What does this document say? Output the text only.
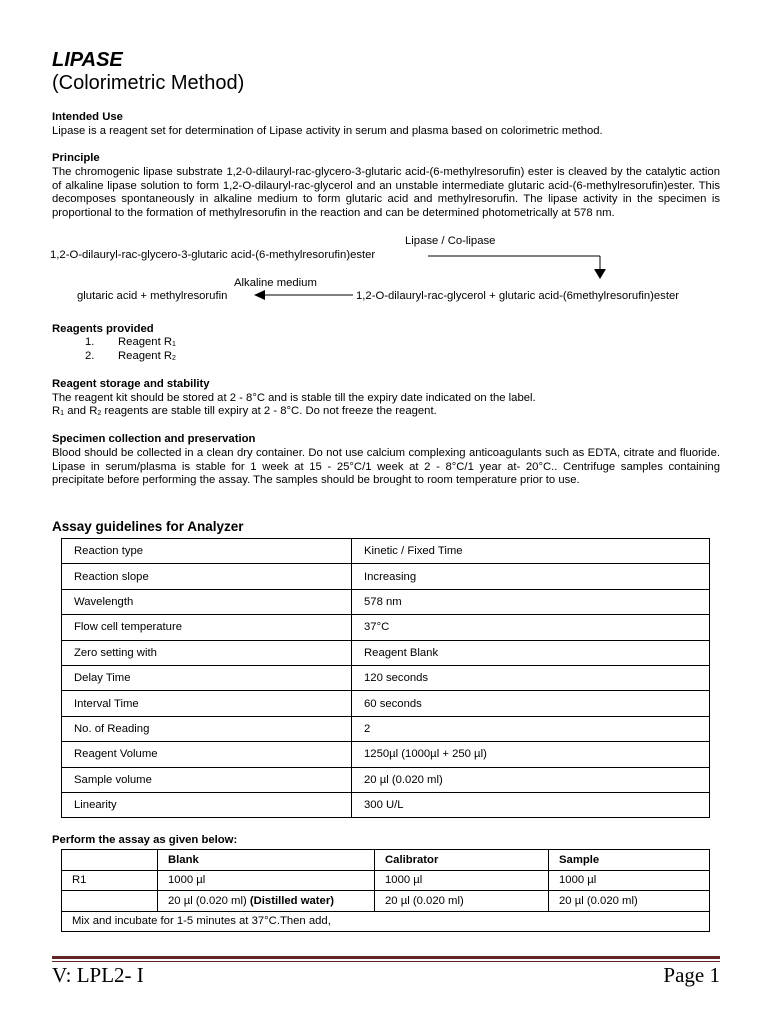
LIPASE
(Colorimetric Method)
Intended Use
Lipase is a reagent set for determination of Lipase activity in serum and plasma based on colorimetric method.
Principle
The chromogenic lipase substrate 1,2-0-dilauryl-rac-glycero-3-glutaric acid-(6-methylresorufin) ester is cleaved by the catalytic action of alkaline lipase solution to form 1,2-O-dilauryl-rac-glycerol and an unstable intermediate glutaric acid-(6-methylresorufin)ester. This decomposes spontaneously in alkaline medium to form glutaric acid and methylresorufin. The lipase activity in the specimen is proportional to the formation of methylresorufin in the reaction and can be determined photometrically at 578 nm.
Lipase / Co-lipase
1,2-O-dilauryl-rac-glycero-3-glutaric acid-(6-methylresorufin)ester
Alkaline medium
glutaric acid + methylresorufin	1,2-O-dilauryl-rac-glycerol + glutaric acid-(6methylresorufin)ester
Reagents provided
1. Reagent $R_1$
2. Reagent $R_2$
Reagent storage and stability
The reagent kit should be stored at 2 - 8°C and is stable till the expiry date indicated on the label.
$R_1$ and $R_2$ reagents are stable till expiry at 2 - 8°C. Do not freeze the reagent.
Specimen collection and preservation
Blood should be collected in a clean dry container. Do not use calcium complexing anticoagulants such as EDTA, citrate and fluoride. Lipase in serum/plasma is stable for 1 week at 15 - 25°C/1 week at 2 - 8°C/1 year at- 20°C.. Centrifuge samples containing precipitate before performing the assay. The samples should be brought to room temperature prior to use.
Assay guidelines for Analyzer
Reaction type	Kinetic / Fixed Time
Reaction slope	Increasing
Wavelength	578 nm
Flow cell temperature	37°C
Zero setting with	Reagent Blank
Delay Time	120 seconds
Interval Time	60 seconds
No. of Reading	2
Reagent Volume	1250µl (1000µl + 250 µl)
Sample volume	20 µl (0.020 ml)
Linearity	300 U/L
Perform the assay as given below:
	Blank	Calibrator	Sample
R1	1000 µl	1000 µl	1000 µl
	20 µl (0.020 ml) (Distilled water)	20 µl (0.020 ml)	20 µl (0.020 ml)
Mix and incubate for 1-5 minutes at 37°C.Then add,			
V: LPL2- I	Page 1
